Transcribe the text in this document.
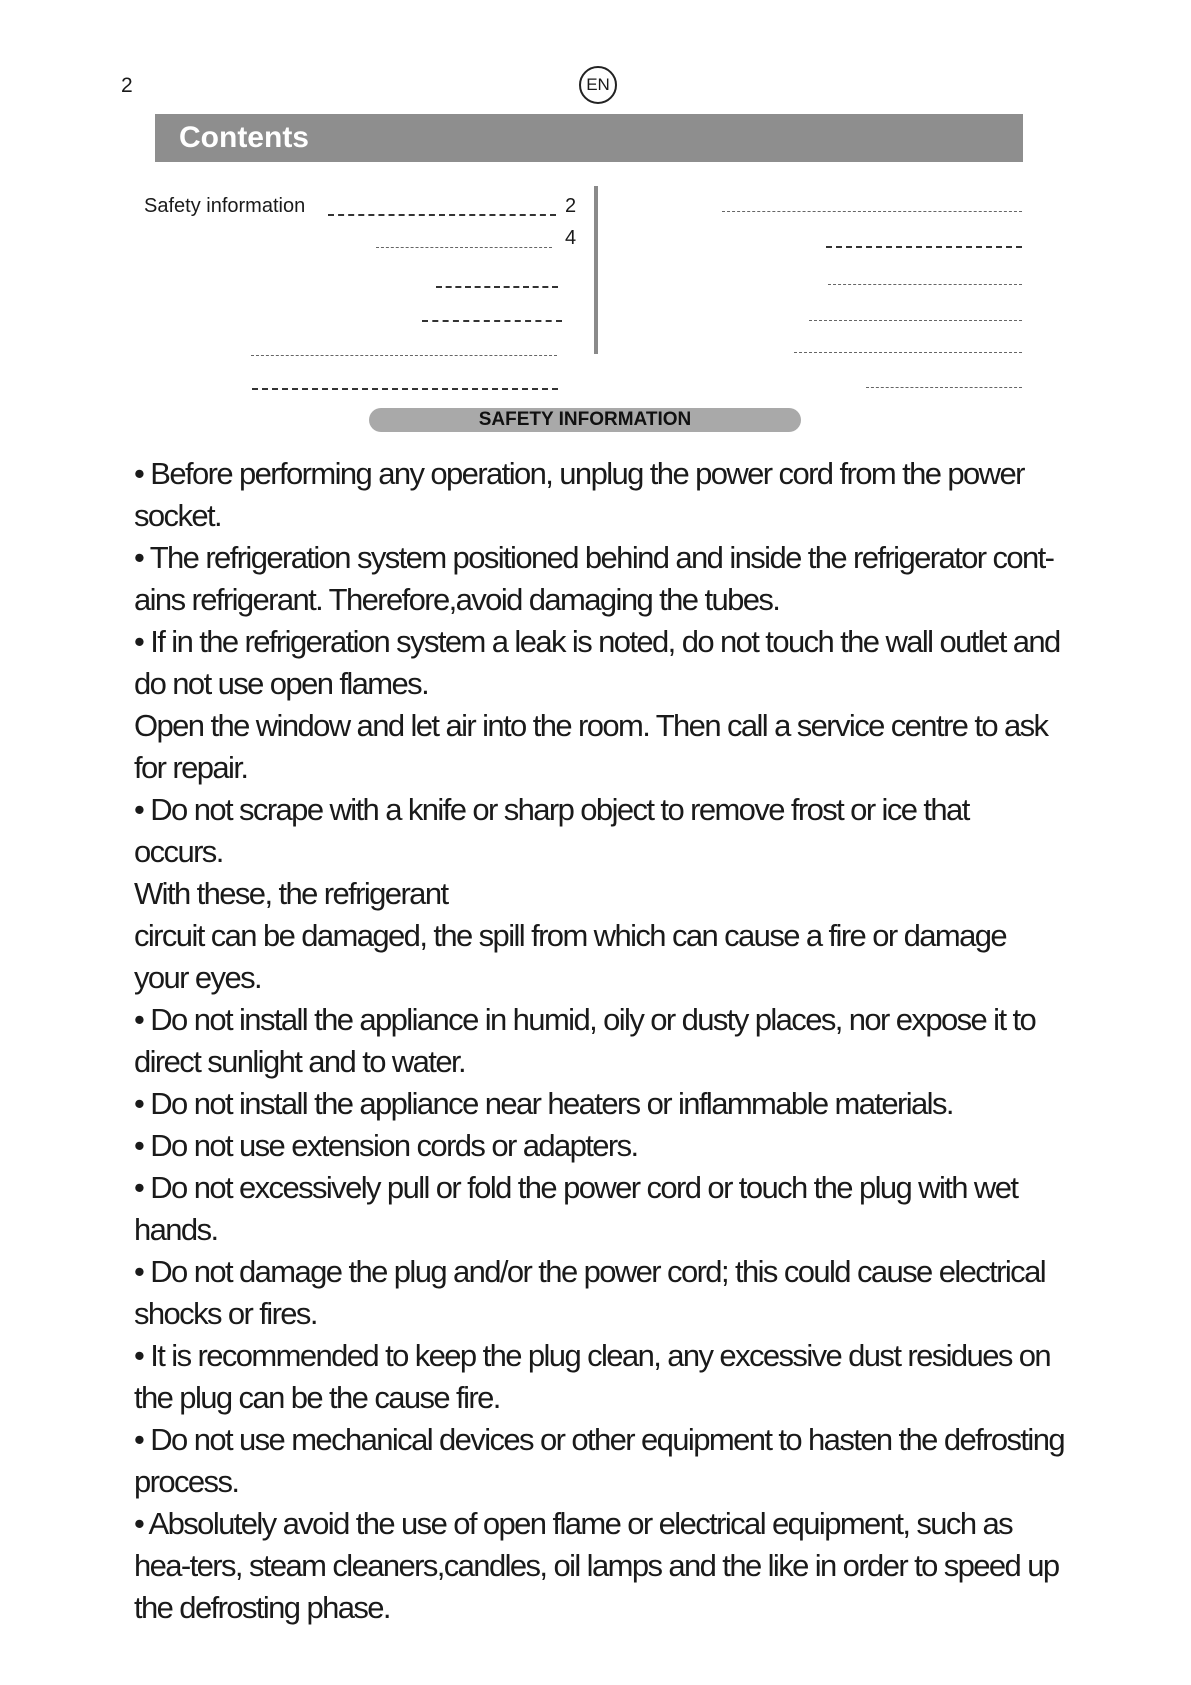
2	EN
Contents
Safety information	2
4
SAFETY INFORMATION
• Before performing any operation, unplug the power cord from the power socket.
• The refrigeration system positioned behind and inside the refrigerator cont-ains refrigerant. Therefore,avoid damaging the tubes.
• If in the refrigeration system a leak is noted, do not touch the wall outlet and do not use open flames.
Open the window and let air into the room. Then call a service centre to ask for repair.
• Do not scrape with a knife or sharp object to remove frost or ice that occurs.
With these, the refrigerant
circuit can be damaged, the spill from which can cause a fire or damage your eyes.
• Do not install the appliance in humid, oily or dusty places, nor expose it to direct sunlight and to water.
• Do not install the appliance near heaters or inflammable materials.
• Do not use extension cords or adapters.
• Do not excessively pull or fold the power cord or touch the plug with wet hands.
• Do not damage the plug and/or the power cord; this could cause electrical shocks or fires.
• It is recommended to keep the plug clean, any excessive dust residues on the plug can be the cause fire.
• Do not use mechanical devices or other equipment to hasten the defrosting process.
• Absolutely avoid the use of open flame or electrical equipment, such as hea-ters, steam cleaners,candles, oil lamps and the like in order to speed up the defrosting phase.
